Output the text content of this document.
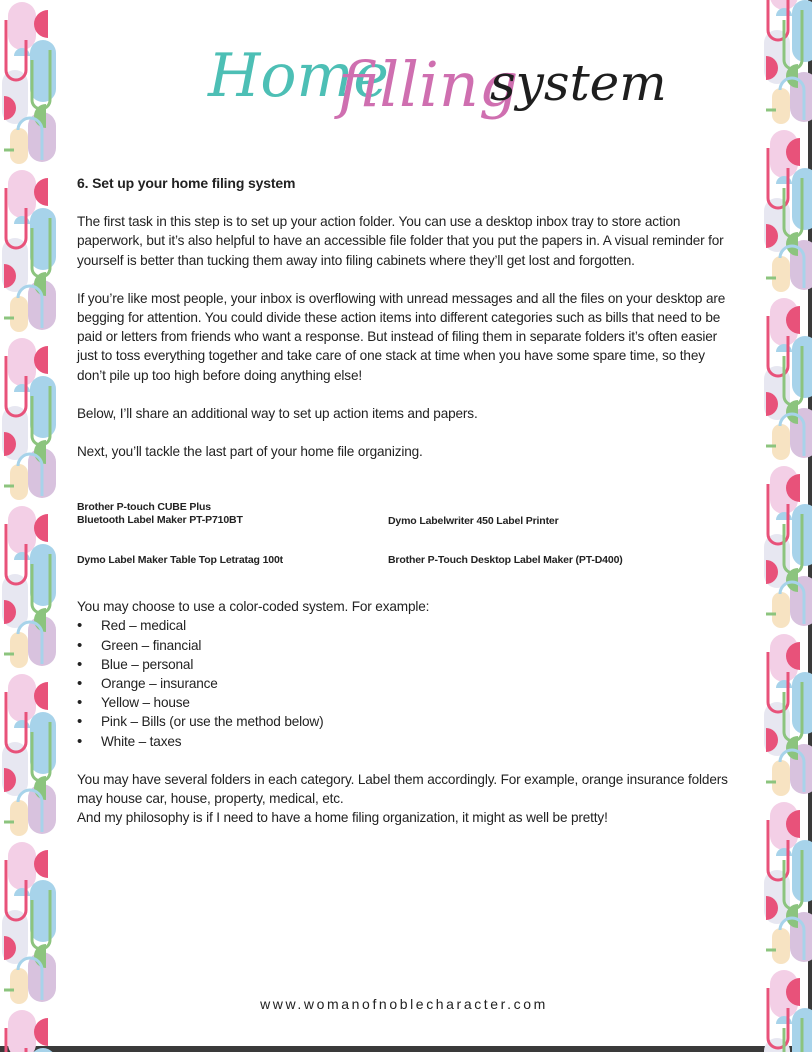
Home
filling
system
6. Set up your home filing system

The first task in this step is to set up your action folder. You can use a desktop inbox tray to store action paperwork, but it’s also helpful to have an accessible file folder that you put the papers in. A visual reminder for yourself is better than tucking them away into filing cabinets where they’ll get lost and forgotten.

If you’re like most people, your inbox is overflowing with unread messages and all the files on your desktop are begging for attention. You could divide these action items into different categories such as bills that need to be paid or letters from friends who want a response. But instead of filing them in separate folders it’s often easier just to toss everything together and take care of one stack at time when you have some spare time, so they don’t pile up too high before doing anything else!

Below, I’ll share an additional way to set up action items and papers.

Next, you’ll tackle the last part of your home file organizing.

Brother P-touch CUBE Plus Bluetooth Label Maker PT-P710BT	Dymo Labelwriter 450 Label Printer
Dymo Label Maker Table Top Letratag 100t	Brother P-Touch Desktop Label Maker (PT-D400)
You may choose to use a color-coded system. For example:
• Red – medical
• Green – financial
• Blue – personal
• Orange – insurance
• Yellow – house
• Pink – Bills (or use the method below)
• White – taxes
You may have several folders in each category. Label them accordingly. For example, orange insurance folders may house car, house, property, medical, etc.
And my philosophy is if I need to have a home filing organization, it might as well be pretty!
www.womanofnoblecharacter.com
